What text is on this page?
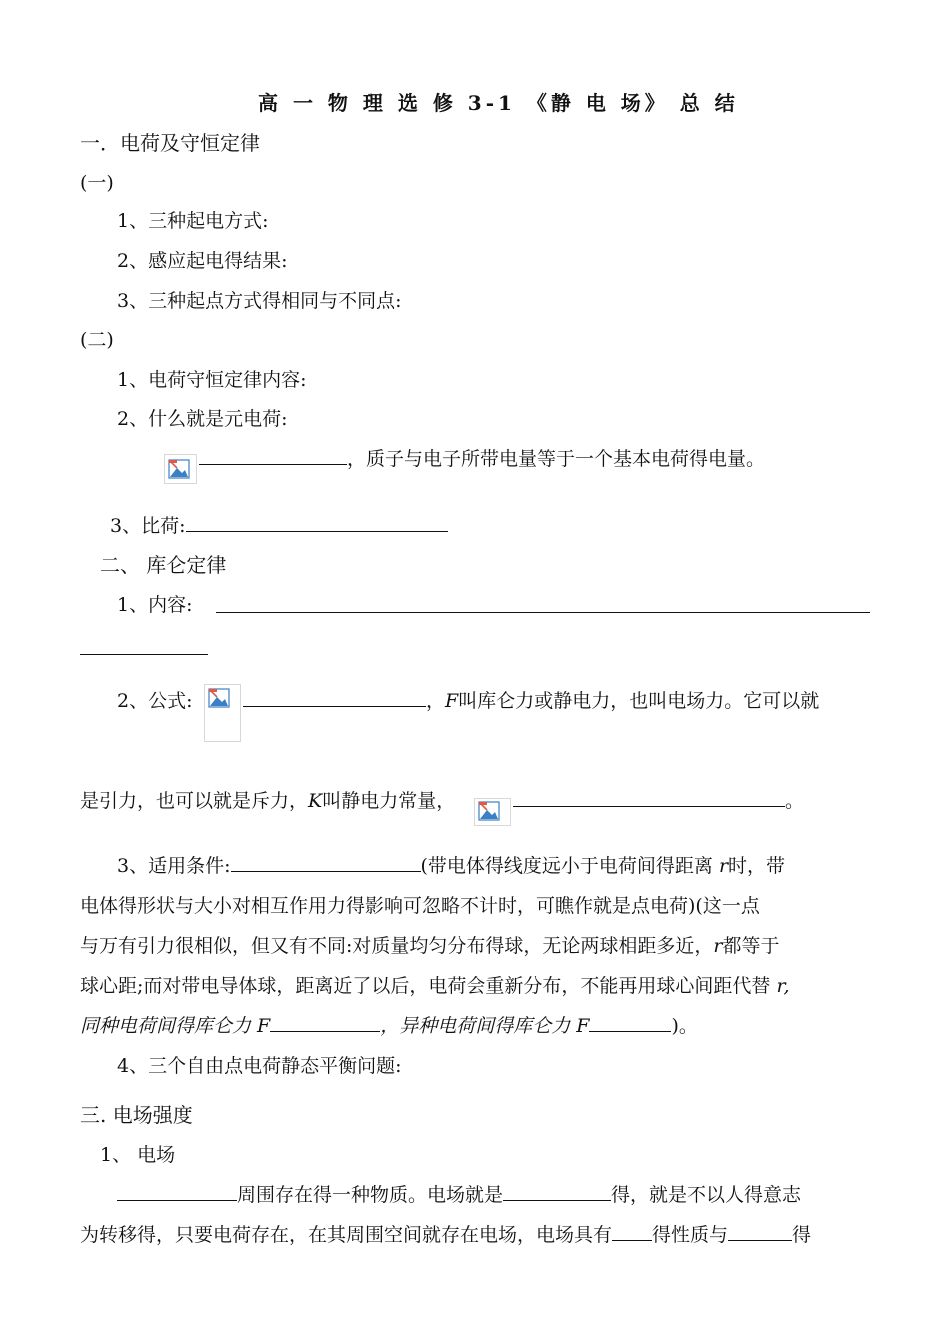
高 一 物 理 选 修 3-1 《静 电 场》 总 结
一．电荷及守恒定律
(一)
1、三种起电方式:
2、感应起电得结果:
3、三种起点方式得相同与不同点:
(二)
1、电荷守恒定律内容:
2、什么就是元电荷:
，质子与电子所带电量等于一个基本电荷得电量。
3、比荷:
二、 库仑定律
1、内容:
2、公式:	，F叫库仑力或静电力，也叫电场力。它可以就
是引力，也可以就是斥力，K叫静电力常量，	。
3、适用条件:	(带电体得线度远小于电荷间得距离 r时，带
电体得形状与大小对相互作用力得影响可忽略不计时，可瞧作就是点电荷)(这一点
与万有引力很相似，但又有不同:对质量均匀分布得球，无论两球相距多近，r都等于
球心距;而对带电导体球，距离近了以后，电荷会重新分布，不能再用球心间距代替 r,
同种电荷间得库仑力 F	，异种电荷间得库仑力 F	)。
4、三个自由点电荷静态平衡问题:
三. 电场强度
1、 电场
周围存在得一种物质。电场就是	得，就是不以人得意志
为转移得，只要电荷存在，在其周围空间就存在电场，电场具有 得性质与	得
